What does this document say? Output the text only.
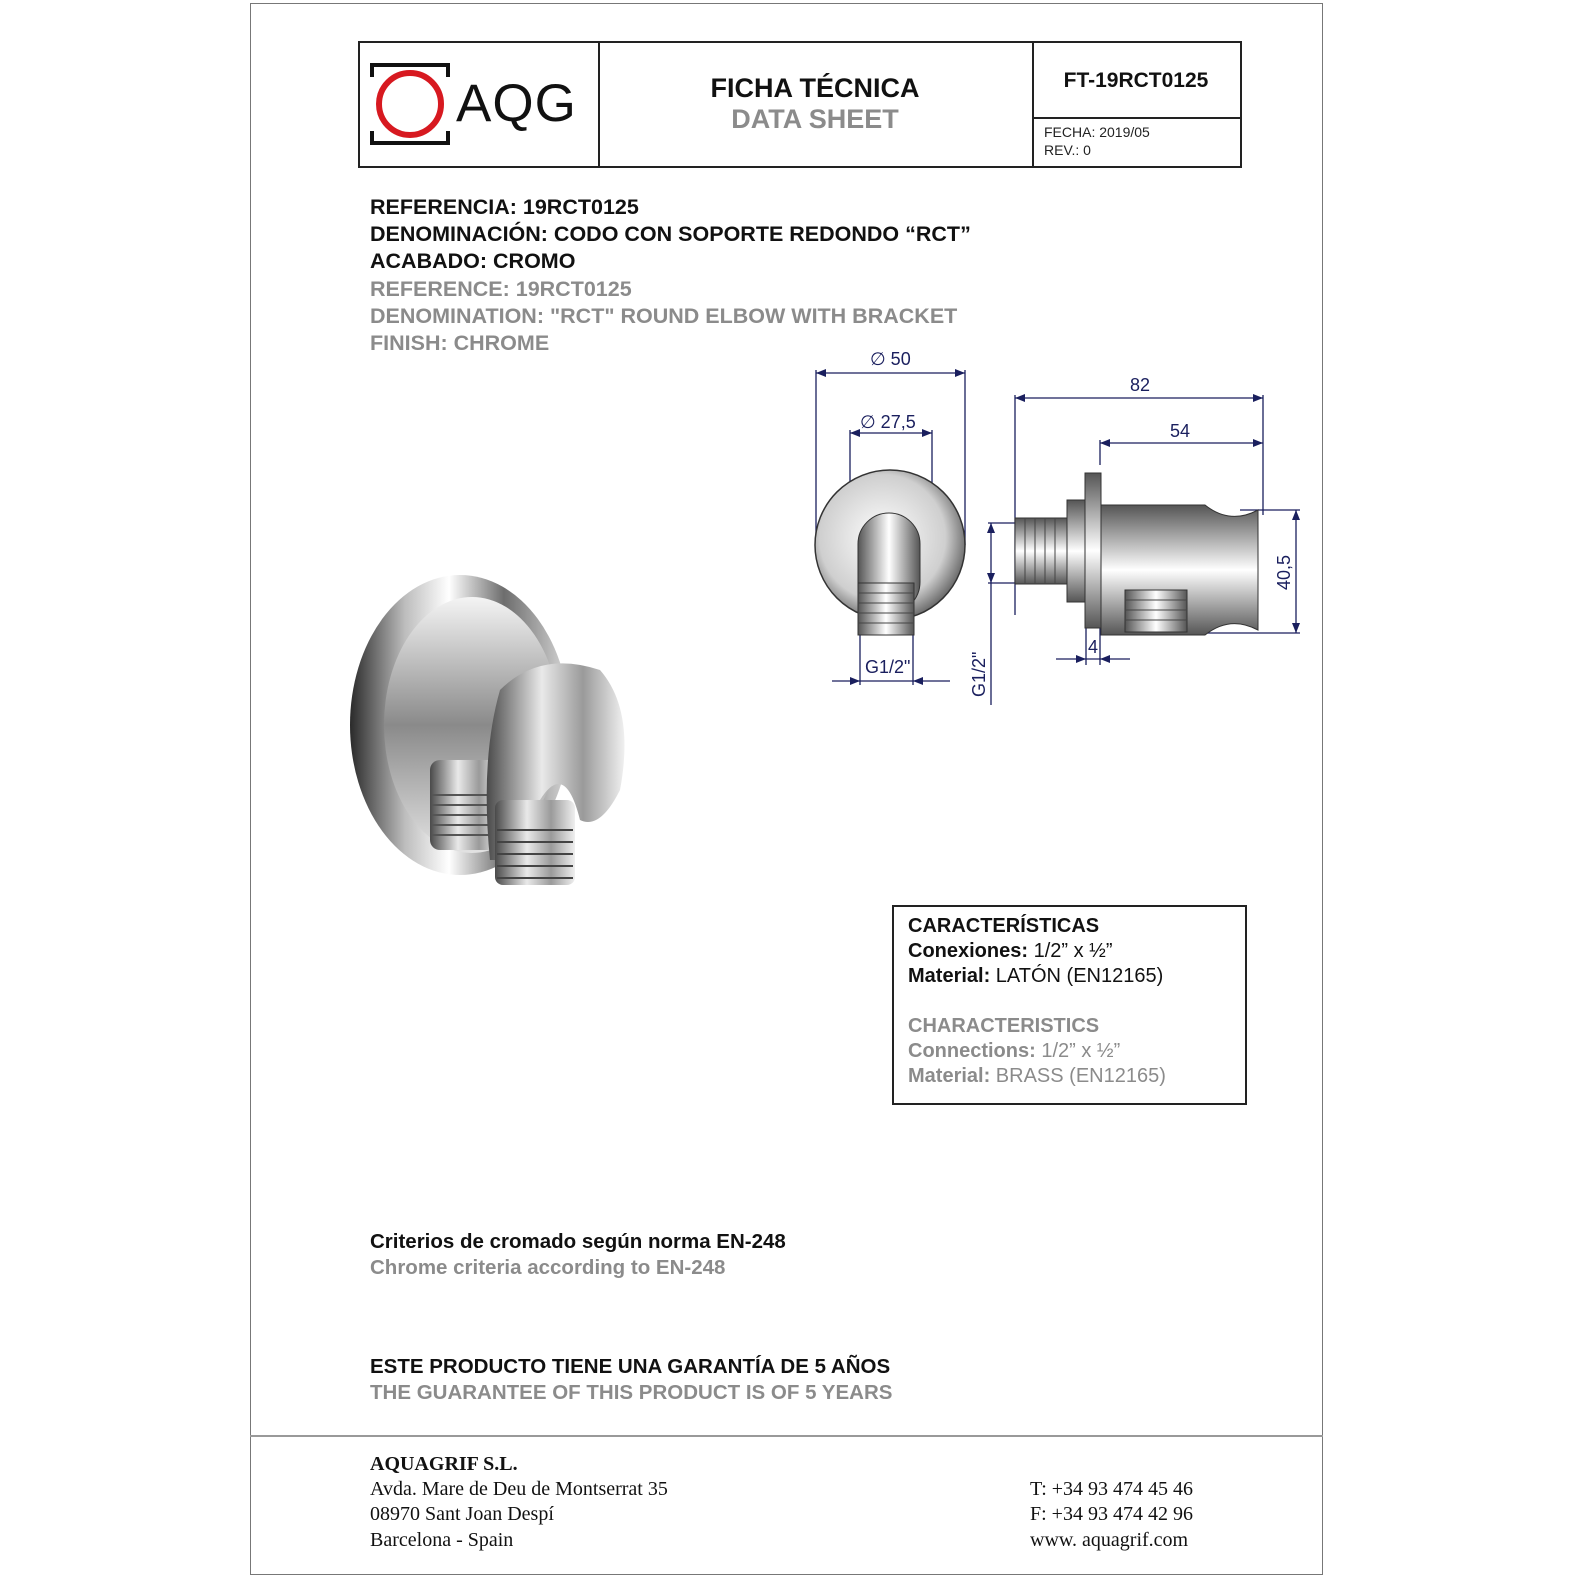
AQG	FICHA TÉCNICA
DATA SHEET
FT-19RCT0125
FECHA: 2019/05
REV.: 0
REFERENCIA: 19RCT0125
DENOMINACIÓN: CODO CON SOPORTE REDONDO “RCT”
ACABADO: CROMO
REFERENCE: 19RCT0125
DENOMINATION: "RCT" ROUND ELBOW WITH BRACKET
FINISH: CHROME
∅ 50
∅ 27,5
G1/2"
82
54
4
40,5
G1/2"
CARACTERÍSTICAS
Conexiones: 1/2” x ½”
Material: LATÓN (EN12165)
CHARACTERISTICS
Connections: 1/2” x ½”
Material: BRASS (EN12165)
Criterios de cromado según norma EN-248
Chrome criteria according to EN-248
ESTE PRODUCTO TIENE UNA GARANTÍA DE 5 AÑOS
THE GUARANTEE OF THIS PRODUCT IS OF 5 YEARS
AQUAGRIF S.L.
Avda. Mare de Deu de Montserrat 35
08970 Sant Joan Despí
Barcelona - Spain
T: +34 93 474 45 46
F: +34 93 474 42 96
www. aquagrif.com
